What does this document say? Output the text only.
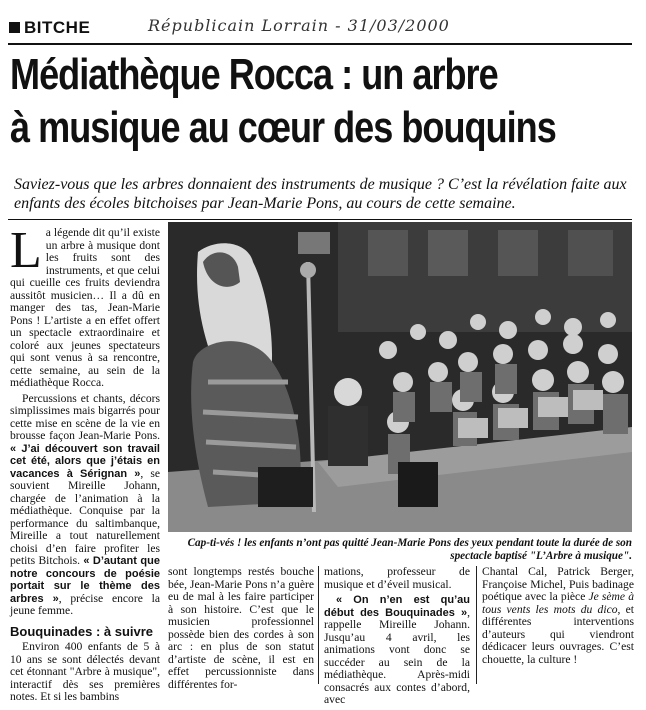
BITCHE	Républicain Lorrain - 31/03/2000
Médiathèque Rocca : un arbre
à musique au cœur des bouquins
Saviez-vous que les arbres donnaient des instruments de musique ? C’est la révélation faite aux enfants des écoles bitchoises par Jean-Marie Pons, au cours de cette semaine.

La légende dit qu’il existe un arbre à musique dont les fruits sont des instruments, et que celui qui cueille ces fruits deviendra aussitôt musicien… Il a dû en manger des tas, Jean-Marie Pons ! L’artiste a en effet offert un spectacle extraordinaire et coloré aux jeunes spectateurs qui sont venus à sa rencontre, cette semaine, au sein de la médiathèque Rocca.

Percussions et chants, décors simplissimes mais bigarrés pour cette mise en scène de la vie en brousse façon Jean-Marie Pons. « J’ai découvert son travail cet été, alors que j’étais en vacances à Sérignan », se souvient Mireille Johann, chargée de l’animation à la médiathèque. Conquise par la performance du saltimbanque, Mireille a tout naturellement choisi d’en faire profiter les petits Bitchois. « D’autant que notre concours de poésie portait sur le thème des arbres », précise encore la jeune femme.

Bouquinades : à suivre

Environ 400 enfants de 5 à 10 ans se sont délectés devant cet étonnant "Arbre à musique", interactif dès ses premières notes. Et si les bambins

Cap-ti-vés ! les enfants n’ont pas quitté Jean-Marie Pons des yeux pendant toute la durée de son spectacle baptisé "L’Arbre à musique".

sont longtemps restés bouche bée, Jean-Marie Pons n’a guère eu de mal à les faire participer à son histoire. C’est que le musicien professionnel possède bien des cordes à son arc : en plus de son statut d’artiste de scène, il est en effet percussionniste dans différentes for-

mations, professeur de musique et d’éveil musical.

« On n’en est qu’au début des Bouquinades », rappelle Mireille Johann. Jusqu’au 4 avril, les animations vont donc se succéder au sein de la médiathèque. Après-midi consacrés aux contes d’abord, avec

Chantal Cal, Patrick Berger, Françoise Michel, Puis badinage poétique avec la pièce Je sème à tous vents les mots du dico, et différentes interventions d’auteurs qui viendront dédicacer leurs ouvrages. C’est chouette, la culture !
